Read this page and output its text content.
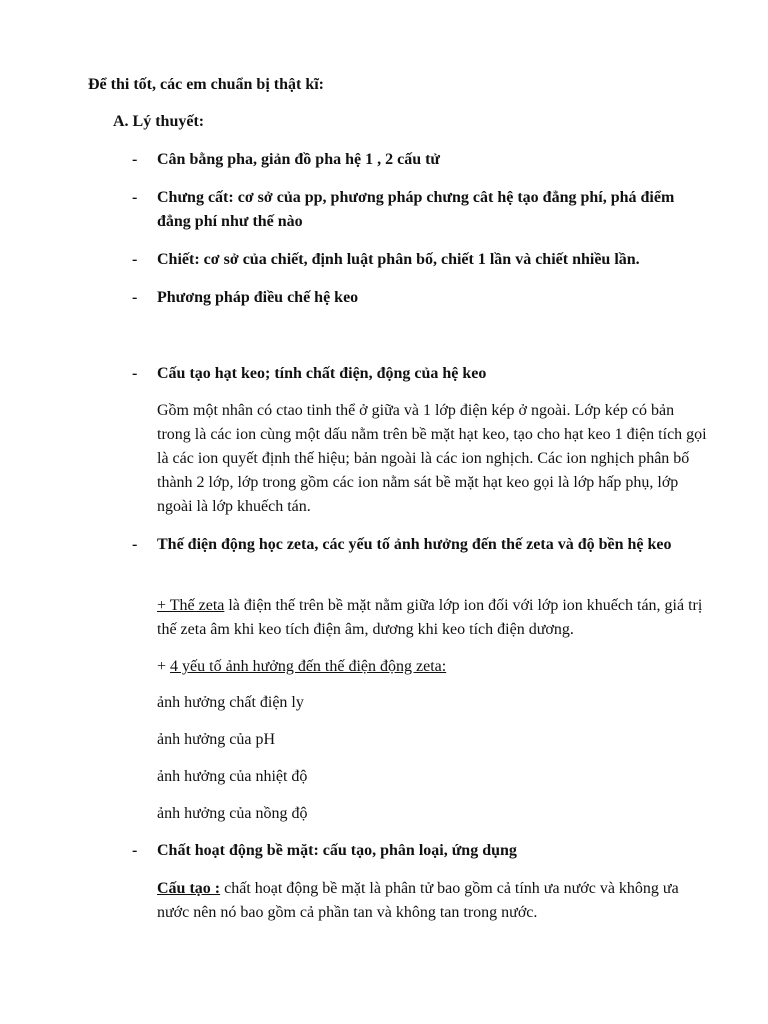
Để thi tốt, các em chuẩn bị thật kĩ:
A. Lý thuyết:
- Cân bằng pha, giản đồ pha hệ 1 , 2 cấu tử
- Chưng cất: cơ sở của pp, phương pháp chưng cât hệ tạo đẳng phí, phá điểm đẳng phí như thế nào
- Chiết: cơ sở của chiết, định luật phân bố, chiết 1 lần và chiết nhiều lần.
- Phương pháp điều chế hệ keo
- Cấu tạo hạt keo; tính chất điện, động của hệ keo
Gồm một nhân có ctao tinh thể ở giữa và 1 lớp điện kép ở ngoài. Lớp kép có bản trong là các ion cùng một dấu nằm trên bề mặt hạt keo, tạo cho hạt keo 1 điện tích gọi là các ion quyết định thế hiệu; bản ngoài là các ion nghịch. Các ion nghịch phân bố thành 2 lớp, lớp trong gồm các ion nằm sát bề mặt hạt keo gọi là lớp hấp phụ, lớp ngoài là lớp khuếch tán.
- Thế điện động học zeta, các yếu tố ảnh hưởng đến thế zeta và độ bền hệ keo
+ Thế zeta là điện thế trên bề mặt nằm giữa lớp ion đối với lớp ion khuếch tán, giá trị thế zeta âm khi keo tích điện âm, dương khi keo tích điện dương.
+ 4 yếu tố ảnh hưởng đến thế điện động zeta:
ảnh hưởng chất điện ly
ảnh hưởng của pH
ảnh hưởng của nhiệt độ
ảnh hưởng của nồng độ
- Chất hoạt động bề mặt: cấu tạo, phân loại, ứng dụng
Cấu tạo : chất hoạt động bề mặt là phân tử bao gồm cả tính ưa nước và không ưa nước nên nó bao gồm cả phần tan và không tan trong nước.
